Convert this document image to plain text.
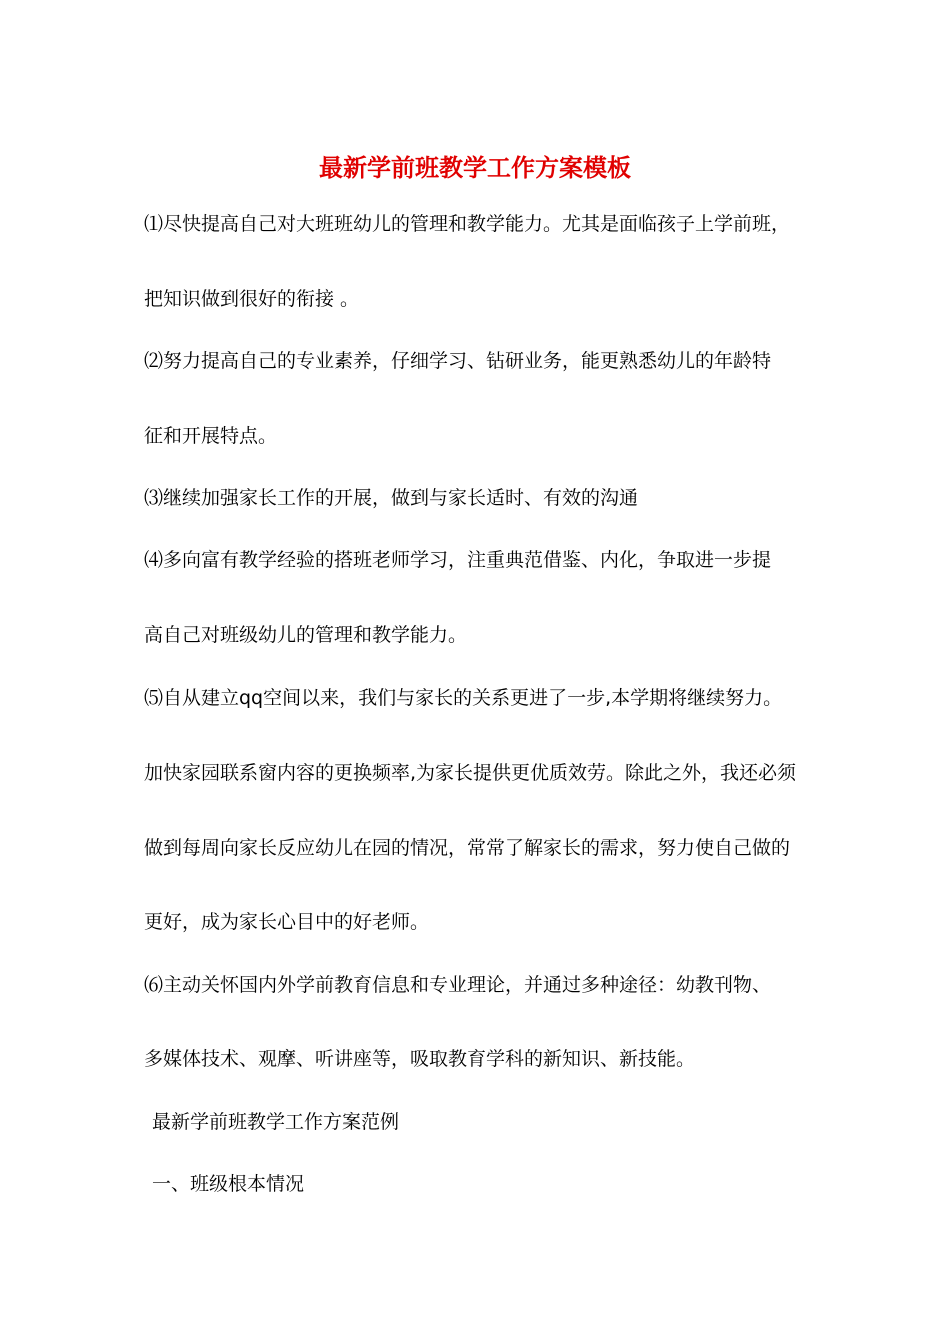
最新学前班教学工作方案模板
⑴尽快提高自己对大班班幼儿的管理和教学能力。尤其是面临孩子上学前班，
把知识做到很好的衔接 。
⑵努力提高自己的专业素养，仔细学习、钻研业务，能更熟悉幼儿的年龄特
征和开展特点。
⑶继续加强家长工作的开展，做到与家长适时、有效的沟通
⑷多向富有教学经验的搭班老师学习，注重典范借鉴、内化，争取进一步提
高自己对班级幼儿的管理和教学能力。
⑸自从建立qq空间以来，我们与家长的关系更进了一步,本学期将继续努力。
加快家园联系窗内容的更换频率,为家长提供更优质效劳。除此之外，我还必须
做到每周向家长反应幼儿在园的情况，常常了解家长的需求，努力使自己做的
更好，成为家长心目中的好老师。
⑹主动关怀国内外学前教育信息和专业理论，并通过多种途径：幼教刊物、
多媒体技术、观摩、听讲座等，吸取教育学科的新知识、新技能。
最新学前班教学工作方案范例
一、班级根本情况
